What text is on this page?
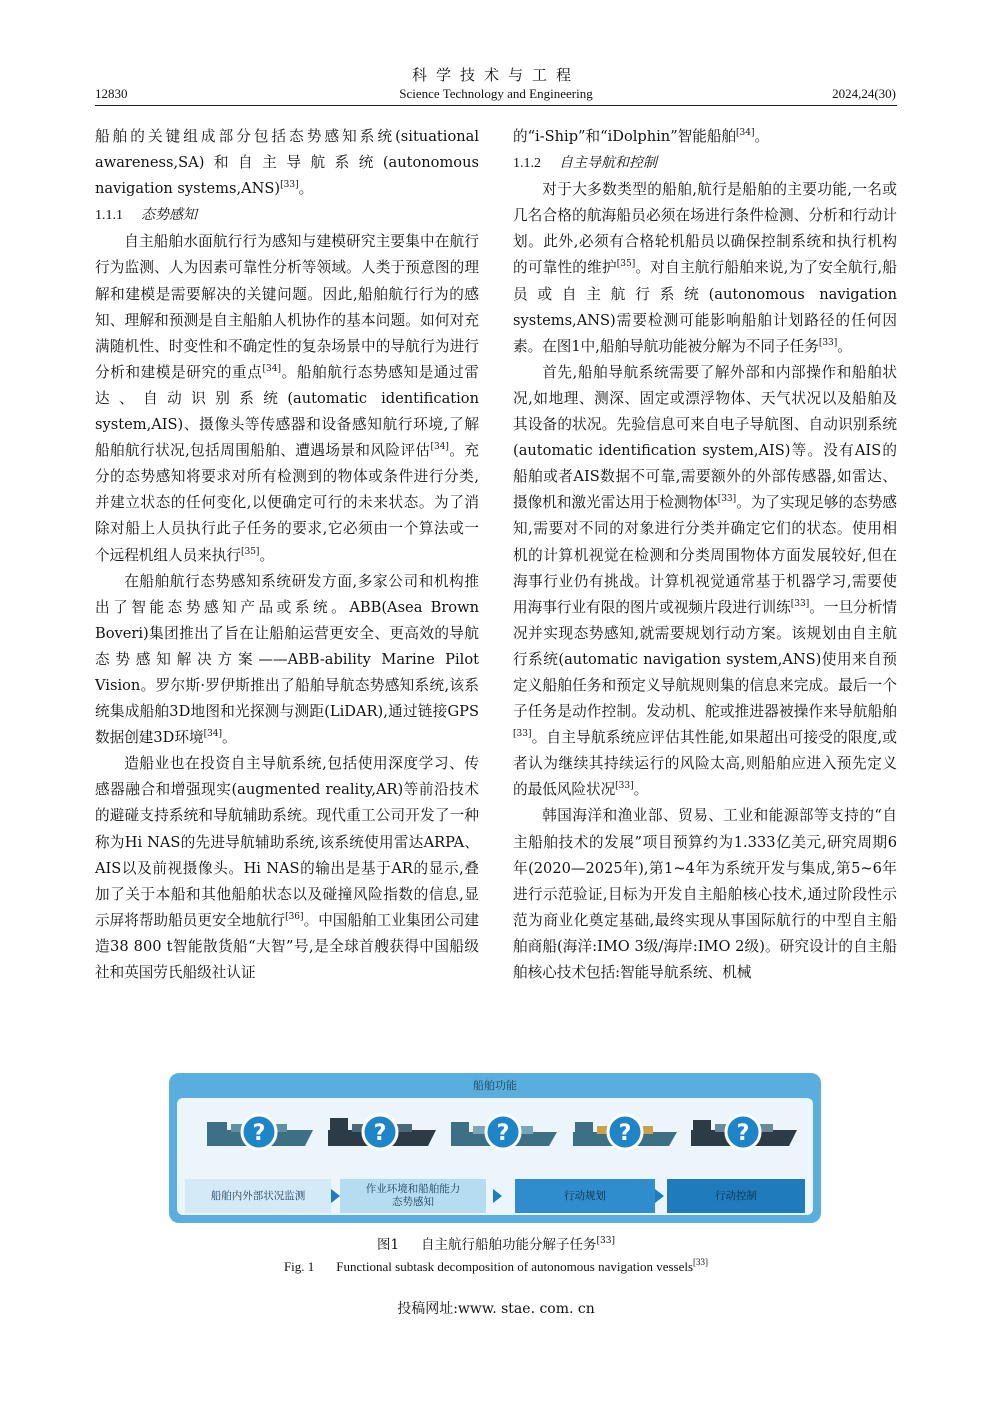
科学技术与工程
12830	Science Technology and Engineering	2024,24(30)

船舶的关键组成部分包括态势感知系统(situational awareness,SA)和自主导航系统(autonomous navigation systems,ANS)[33]。

1.1.1 态势感知

自主船舶水面航行行为感知与建模研究主要集中在航行行为监测、人为因素可靠性分析等领域。人类于预意图的理解和建模是需要解决的关键问题。因此,船舶航行行为的感知、理解和预测是自主船舶人机协作的基本问题。如何对充满随机性、时变性和不确定性的复杂场景中的导航行为进行分析和建模是研究的重点[34]。船舶航行态势感知是通过雷达、自动识别系统(automatic identification system,AIS)、摄像头等传感器和设备感知航行环境,了解船舶航行状况,包括周围船舶、遭遇场景和风险评估[34]。充分的态势感知将要求对所有检测到的物体或条件进行分类,并建立状态的任何变化,以便确定可行的未来状态。为了消除对船上人员执行此子任务的要求,它必须由一个算法或一个远程机组人员来执行[35]。

在船舶航行态势感知系统研发方面,多家公司和机构推出了智能态势感知产品或系统。ABB(Asea Brown Boveri)集团推出了旨在让船舶运营更安全、更高效的导航态势感知解决方案——ABB-ability Marine Pilot Vision。罗尔斯·罗伊斯推出了船舶导航态势感知系统,该系统集成船舶3D地图和光探测与测距(LiDAR),通过链接GPS数据创建3D环境[34]。

造船业也在投资自主导航系统,包括使用深度学习、传感器融合和增强现实(augmented reality,AR)等前沿技术的避碰支持系统和导航辅助系统。现代重工公司开发了一种称为Hi NAS的先进导航辅助系统,该系统使用雷达ARPA、AIS以及前视摄像头。Hi NAS的输出是基于AR的显示,叠加了关于本船和其他船舶状态以及碰撞风险指数的信息,显示屏将帮助船员更安全地航行[36]。中国船舶工业集团公司建造38 800 t智能散货船“大智”号,是全球首艘获得中国船级社和英国劳氏船级社认证

的“i-Ship”和“iDolphin”智能船舶[34]。

1.1.2 自主导航和控制

对于大多数类型的船舶,航行是船舶的主要功能,一名或几名合格的航海船员必须在场进行条件检测、分析和行动计划。此外,必须有合格轮机船员以确保控制系统和执行机构的可靠性的维护[35]。对自主航行船舶来说,为了安全航行,船员或自主航行系统(autonomous navigation systems,ANS)需要检测可能影响船舶计划路径的任何因素。在图1中,船舶导航功能被分解为不同子任务[33]。

首先,船舶导航系统需要了解外部和内部操作和船舶状况,如地理、测深、固定或漂浮物体、天气状况以及船舶及其设备的状况。先验信息可来自电子导航图、自动识别系统(automatic identification system,AIS)等。没有AIS的船舶或者AIS数据不可靠,需要额外的外部传感器,如雷达、摄像机和激光雷达用于检测物体[33]。为了实现足够的态势感知,需要对不同的对象进行分类并确定它们的状态。使用相机的计算机视觉在检测和分类周围物体方面发展较好,但在海事行业仍有挑战。计算机视觉通常基于机器学习,需要使用海事行业有限的图片或视频片段进行训练[33]。一旦分析情况并实现态势感知,就需要规划行动方案。该规划由自主航行系统(automatic navigation system,ANS)使用来自预定义船舶任务和预定义导航规则集的信息来完成。最后一个子任务是动作控制。发动机、舵或推进器被操作来导航船舶[33]。自主导航系统应评估其性能,如果超出可接受的限度,或者认为继续其持续运行的风险太高,则船舶应进入预先定义的最低风险状况[33]。

韩国海洋和渔业部、贸易、工业和能源部等支持的“自主船舶技术的发展”项目预算约为1.333亿美元,研究周期6年(2020—2025年),第1~4年为系统开发与集成,第5~6年进行示范验证,目标为开发自主船舶核心技术,通过阶段性示范为商业化奠定基础,最终实现从事国际航行的中型自主船舶商船(海洋:IMO 3级/海岸:IMO 2级)。研究设计的自主船舶核心技术包括:智能导航系统、机械

船舶功能
?	?	?	?	?
船舶内外部状况监测
作业环境和船舶能力态势感知
行动规划	行动控制
图1 自主航行船舶功能分解子任务[33]
Fig. 1 Functional subtask decomposition of autonomous navigation vessels[33]
投稿网址:www. stae. com. cn
